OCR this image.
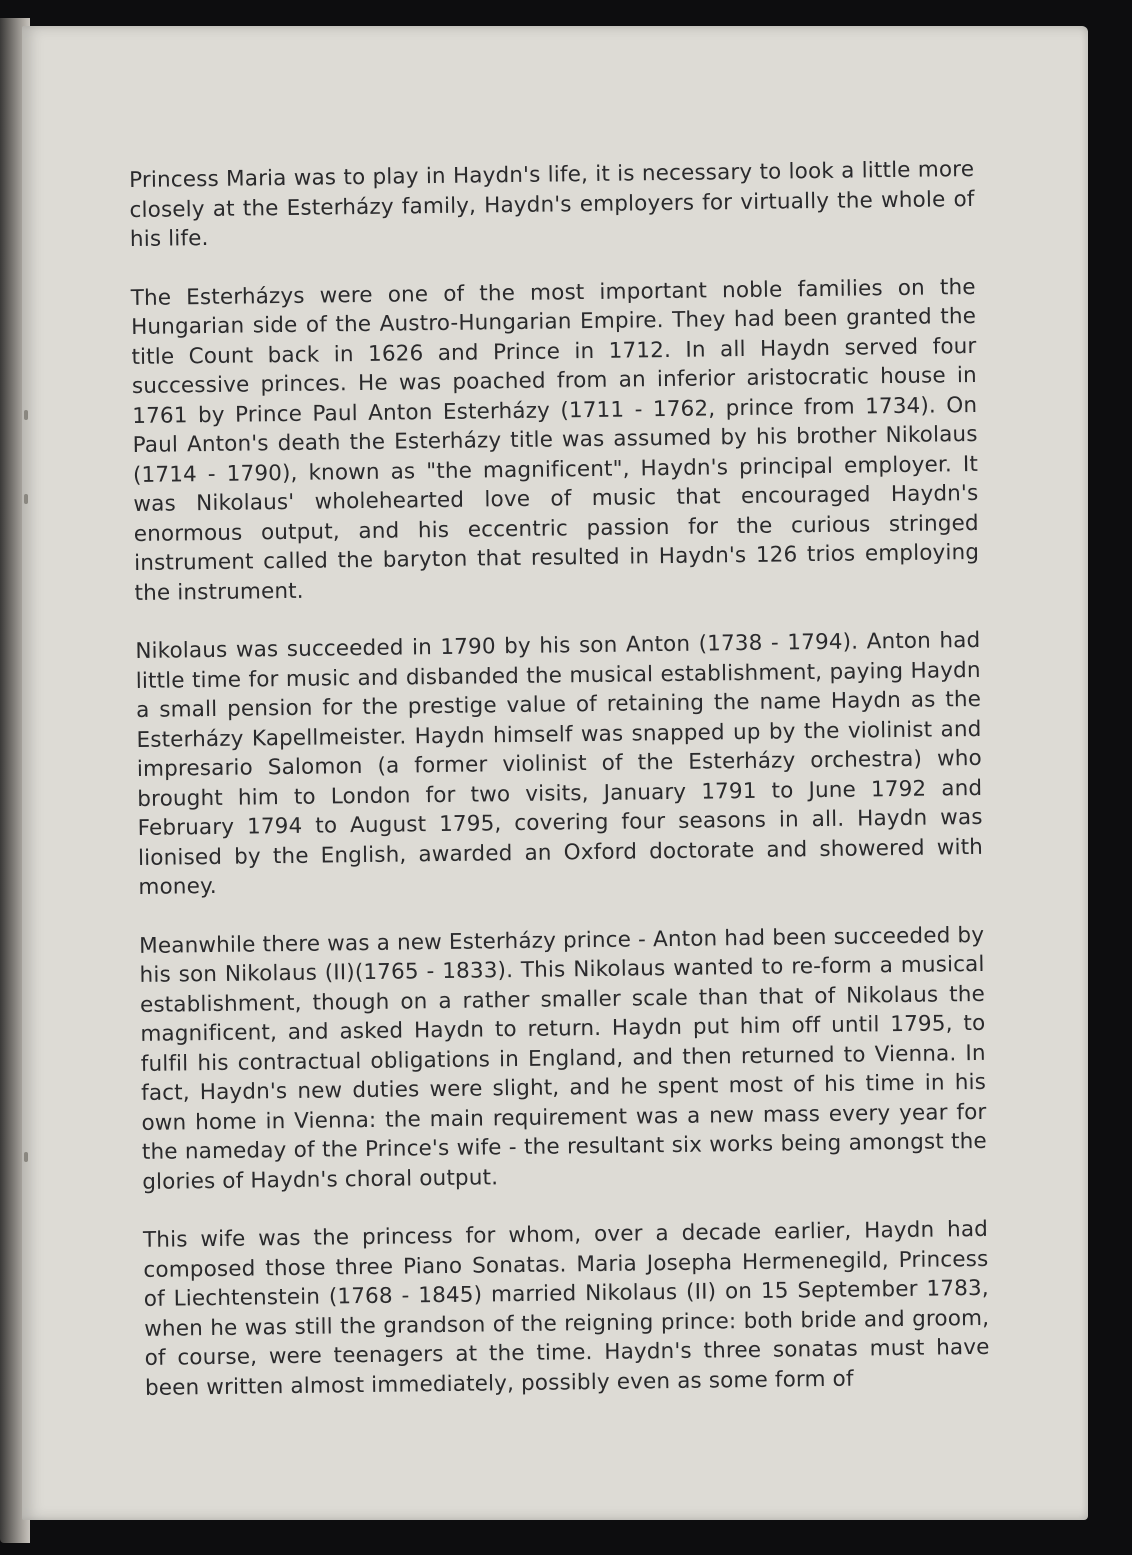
Princess Maria was to play in Haydn's life, it is necessary to look a little more closely at the Esterházy family, Haydn's employers for virtually the whole of his life.

The Esterházys were one of the most important noble families on the Hungarian side of the Austro-Hungarian Empire. They had been granted the title Count back in 1626 and Prince in 1712. In all Haydn served four successive princes. He was poached from an inferior aristocratic house in 1761 by Prince Paul Anton Esterházy (1711 - 1762, prince from 1734). On Paul Anton's death the Esterházy title was assumed by his brother Nikolaus (1714 - 1790), known as "the magnificent", Haydn's principal employer. It was Nikolaus' wholehearted love of music that encouraged Haydn's enormous output, and his eccentric passion for the curious stringed instrument called the baryton that resulted in Haydn's 126 trios employing the instrument.

Nikolaus was succeeded in 1790 by his son Anton (1738 - 1794). Anton had little time for music and disbanded the musical establishment, paying Haydn a small pension for the prestige value of retaining the name Haydn as the Esterházy Kapellmeister. Haydn himself was snapped up by the violinist and impresario Salomon (a former violinist of the Esterházy orchestra) who brought him to London for two visits, January 1791 to June 1792 and February 1794 to August 1795, covering four seasons in all. Haydn was lionised by the English, awarded an Oxford doctorate and showered with money.

Meanwhile there was a new Esterházy prince - Anton had been succeeded by his son Nikolaus (II)(1765 - 1833). This Nikolaus wanted to re-form a musical establishment, though on a rather smaller scale than that of Nikolaus the magnificent, and asked Haydn to return. Haydn put him off until 1795, to fulfil his contractual obligations in England, and then returned to Vienna. In fact, Haydn's new duties were slight, and he spent most of his time in his own home in Vienna: the main requirement was a new mass every year for the nameday of the Prince's wife - the resultant six works being amongst the glories of Haydn's choral output.

This wife was the princess for whom, over a decade earlier, Haydn had composed those three Piano Sonatas. Maria Josepha Hermenegild, Princess of Liechtenstein (1768 - 1845) married Nikolaus (II) on 15 September 1783, when he was still the grandson of the reigning prince: both bride and groom, of course, were teenagers at the time. Haydn's three sonatas must have been written almost immediately, possibly even as some form of
